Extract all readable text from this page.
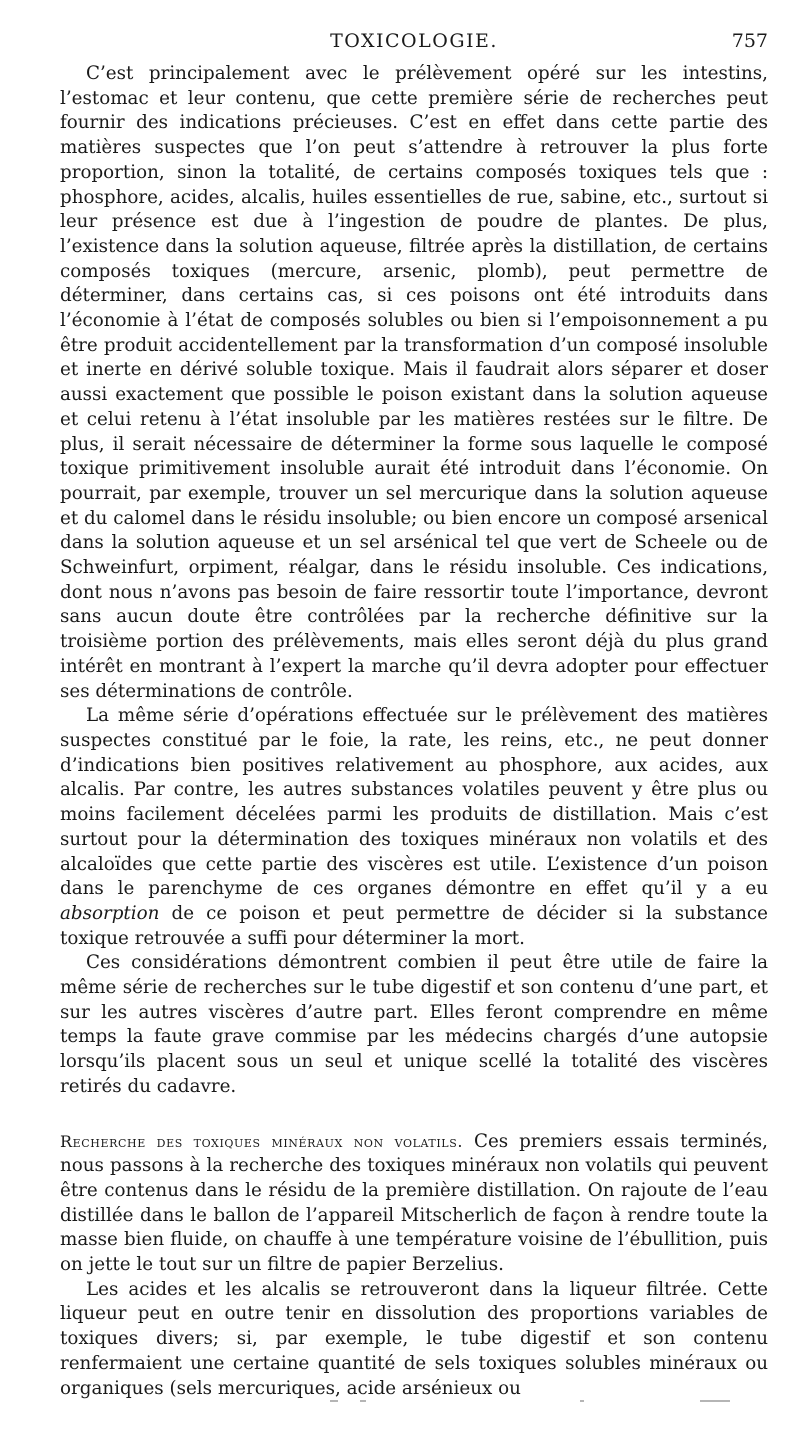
TOXICOLOGIE.	757

C’est principalement avec le prélèvement opéré sur les intestins, l’estomac et leur contenu, que cette première série de recherches peut fournir des indications précieuses. C’est en effet dans cette partie des matières suspectes que l’on peut s’attendre à retrouver la plus forte proportion, sinon la totalité, de certains composés toxiques tels que : phosphore, acides, alcalis, huiles essentielles de rue, sabine, etc., surtout si leur présence est due à l’ingestion de poudre de plantes. De plus, l’existence dans la solution aqueuse, filtrée après la distillation, de certains composés toxiques (mercure, arsenic, plomb), peut permettre de déterminer, dans certains cas, si ces poisons ont été introduits dans l’économie à l’état de composés solubles ou bien si l’empoisonnement a pu être produit accidentellement par la transformation d’un composé insoluble et inerte en dérivé soluble toxique. Mais il faudrait alors séparer et doser aussi exactement que possible le poison existant dans la solution aqueuse et celui retenu à l’état insoluble par les matières restées sur le filtre. De plus, il serait nécessaire de déterminer la forme sous laquelle le composé toxique primitivement insoluble aurait été introduit dans l’économie. On pourrait, par exemple, trouver un sel mercurique dans la solution aqueuse et du calomel dans le résidu insoluble; ou bien encore un composé arsenical dans la solution aqueuse et un sel arsénical tel que vert de Scheele ou de Schweinfurt, orpiment, réalgar, dans le résidu insoluble. Ces indications, dont nous n’avons pas besoin de faire ressortir toute l’importance, devront sans aucun doute être contrôlées par la recherche définitive sur la troisième portion des prélèvements, mais elles seront déjà du plus grand intérêt en montrant à l’expert la marche qu’il devra adopter pour effectuer ses déterminations de contrôle.

La même série d’opérations effectuée sur le prélèvement des matières suspectes constitué par le foie, la rate, les reins, etc., ne peut donner d’indications bien positives relativement au phosphore, aux acides, aux alcalis. Par contre, les autres substances volatiles peuvent y être plus ou moins facilement décelées parmi les produits de distillation. Mais c’est surtout pour la détermination des toxiques minéraux non volatils et des alcaloïdes que cette partie des viscères est utile. L’existence d’un poison dans le parenchyme de ces organes démontre en effet qu’il y a eu absorption de ce poison et peut permettre de décider si la substance toxique retrouvée a suffi pour déterminer la mort.

Ces considérations démontrent combien il peut être utile de faire la même série de recherches sur le tube digestif et son contenu d’une part, et sur les autres viscères d’autre part. Elles feront comprendre en même temps la faute grave commise par les médecins chargés d’une autopsie lorsqu’ils placent sous un seul et unique scellé la totalité des viscères retirés du cadavre.

Recherche des toxiques minéraux non volatils. Ces premiers essais terminés, nous passons à la recherche des toxiques minéraux non volatils qui peuvent être contenus dans le résidu de la première distillation. On rajoute de l’eau distillée dans le ballon de l’appareil Mitscherlich de façon à rendre toute la masse bien fluide, on chauffe à une température voisine de l’ébullition, puis on jette le tout sur un filtre de papier Berzelius.

Les acides et les alcalis se retrouveront dans la liqueur filtrée. Cette liqueur peut en outre tenir en dissolution des proportions variables de toxiques divers; si, par exemple, le tube digestif et son contenu renfermaient une certaine quantité de sels toxiques solubles minéraux ou organiques (sels mercuriques, acide arsénieux ou
